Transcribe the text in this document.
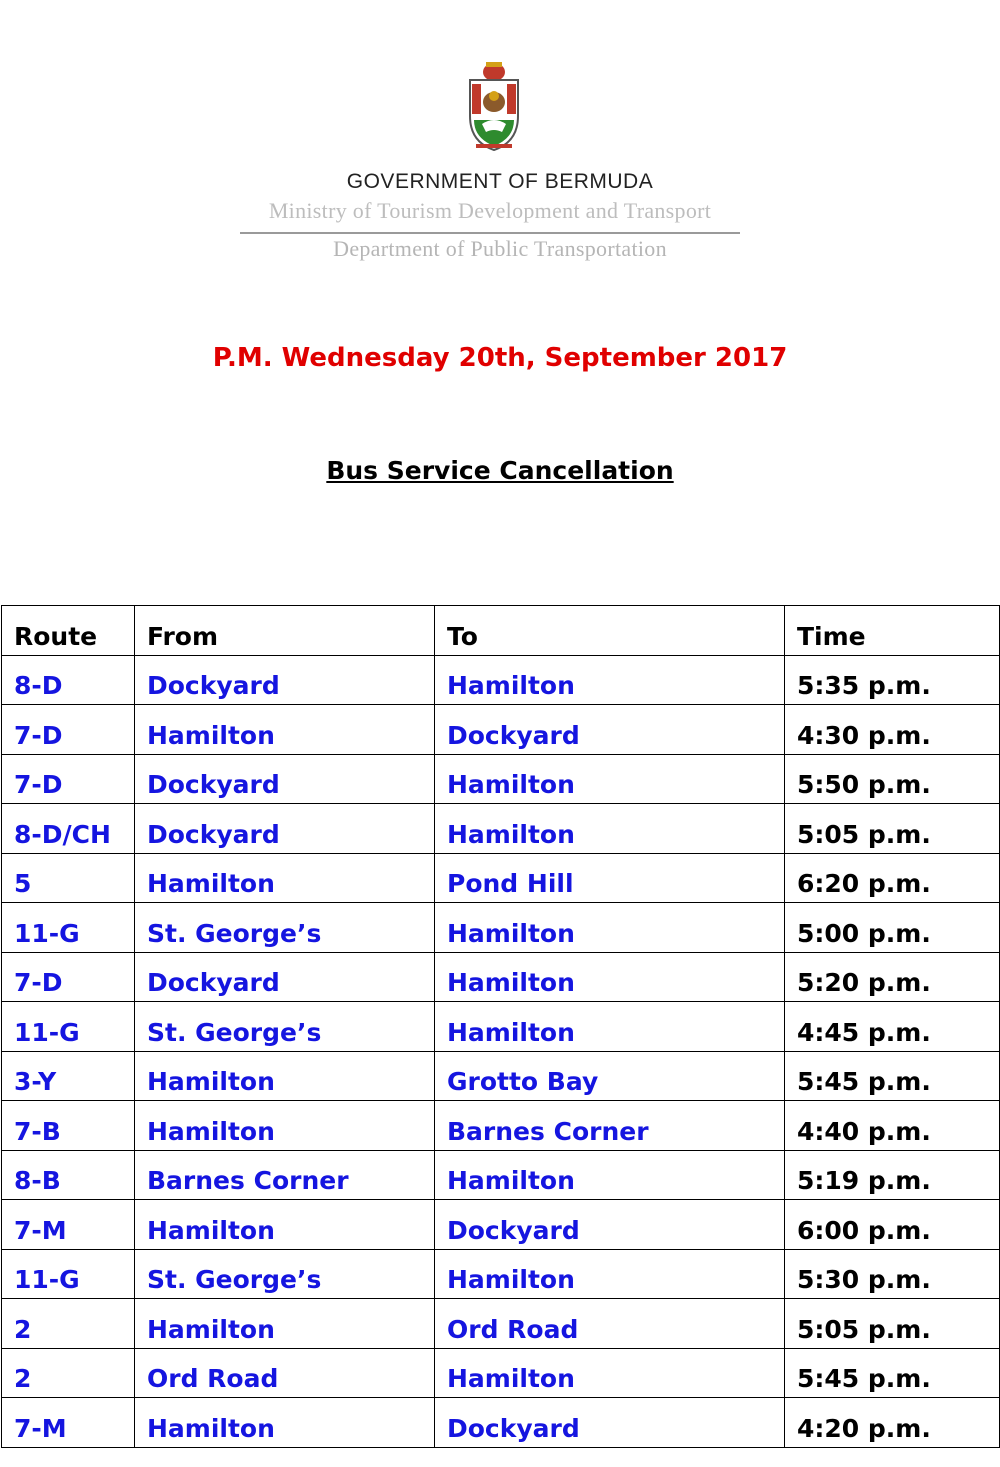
GOVERNMENT OF BERMUDA
Ministry of Tourism Development and Transport
Department of Public Transportation
P.M. Wednesday 20th, September 2017
Bus Service Cancellation
Route	From	To	Time
8-D	Dockyard	Hamilton	5:35 p.m.
7-D	Hamilton	Dockyard	4:30 p.m.
7-D	Dockyard	Hamilton	5:50 p.m.
8-D/CH	Dockyard	Hamilton	5:05 p.m.
5	Hamilton	Pond Hill	6:20 p.m.
11-G	St. George’s	Hamilton	5:00 p.m.
7-D	Dockyard	Hamilton	5:20 p.m.
11-G	St. George’s	Hamilton	4:45 p.m.
3-Y	Hamilton	Grotto Bay	5:45 p.m.
7-B	Hamilton	Barnes Corner	4:40 p.m.
8-B	Barnes Corner	Hamilton	5:19 p.m.
7-M	Hamilton	Dockyard	6:00 p.m.
11-G	St. George’s	Hamilton	5:30 p.m.
2	Hamilton	Ord Road	5:05 p.m.
2	Ord Road	Hamilton	5:45 p.m.
7-M	Hamilton	Dockyard	4:20 p.m.
